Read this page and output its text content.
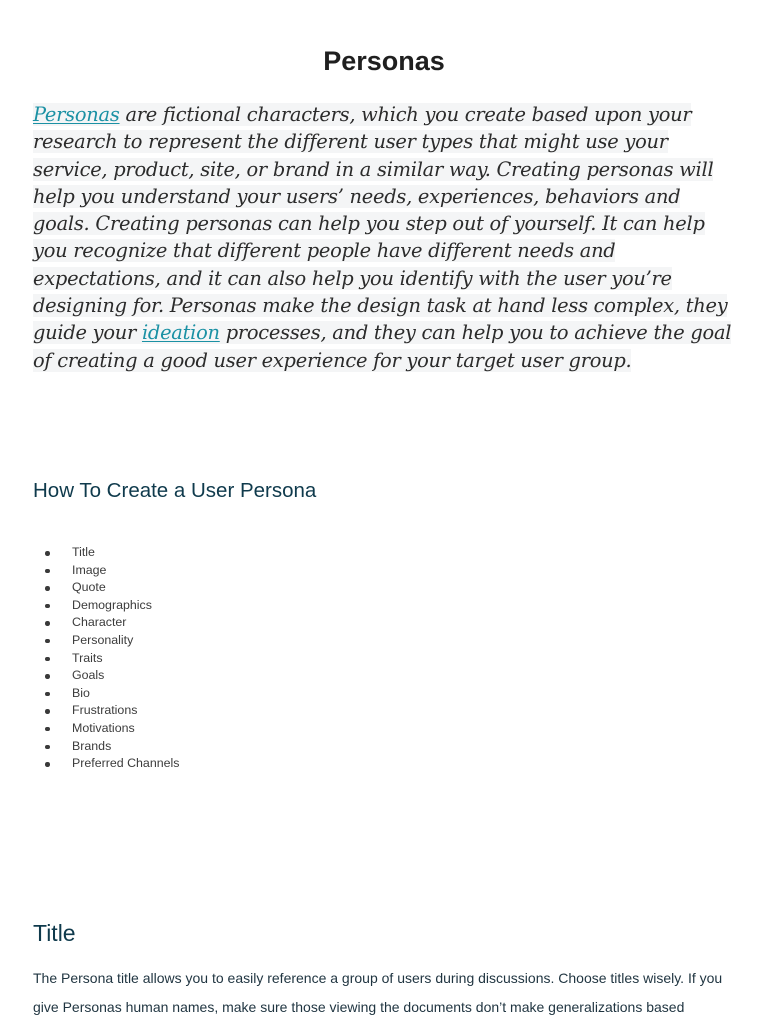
Personas

Personas are fictional characters, which you create based upon your research to represent the different user types that might use your service, product, site, or brand in a similar way. Creating personas will help you understand your users’ needs, experiences, behaviors and goals. Creating personas can help you step out of yourself. It can help you recognize that different people have different needs and expectations, and it can also help you identify with the user you’re designing for. Personas make the design task at hand less complex, they guide your ideation processes, and they can help you to achieve the goal of creating a good user experience for your target user group.

How To Create a User Persona
Title
Image
Quote
Demographics
Character
Personality
Traits
Goals
Bio
Frustrations
Motivations
Brands
Preferred Channels
Title

The Persona title allows you to easily reference a group of users during discussions. Choose titles wisely. If you give Personas human names, make sure those viewing the documents don’t make generalizations based
